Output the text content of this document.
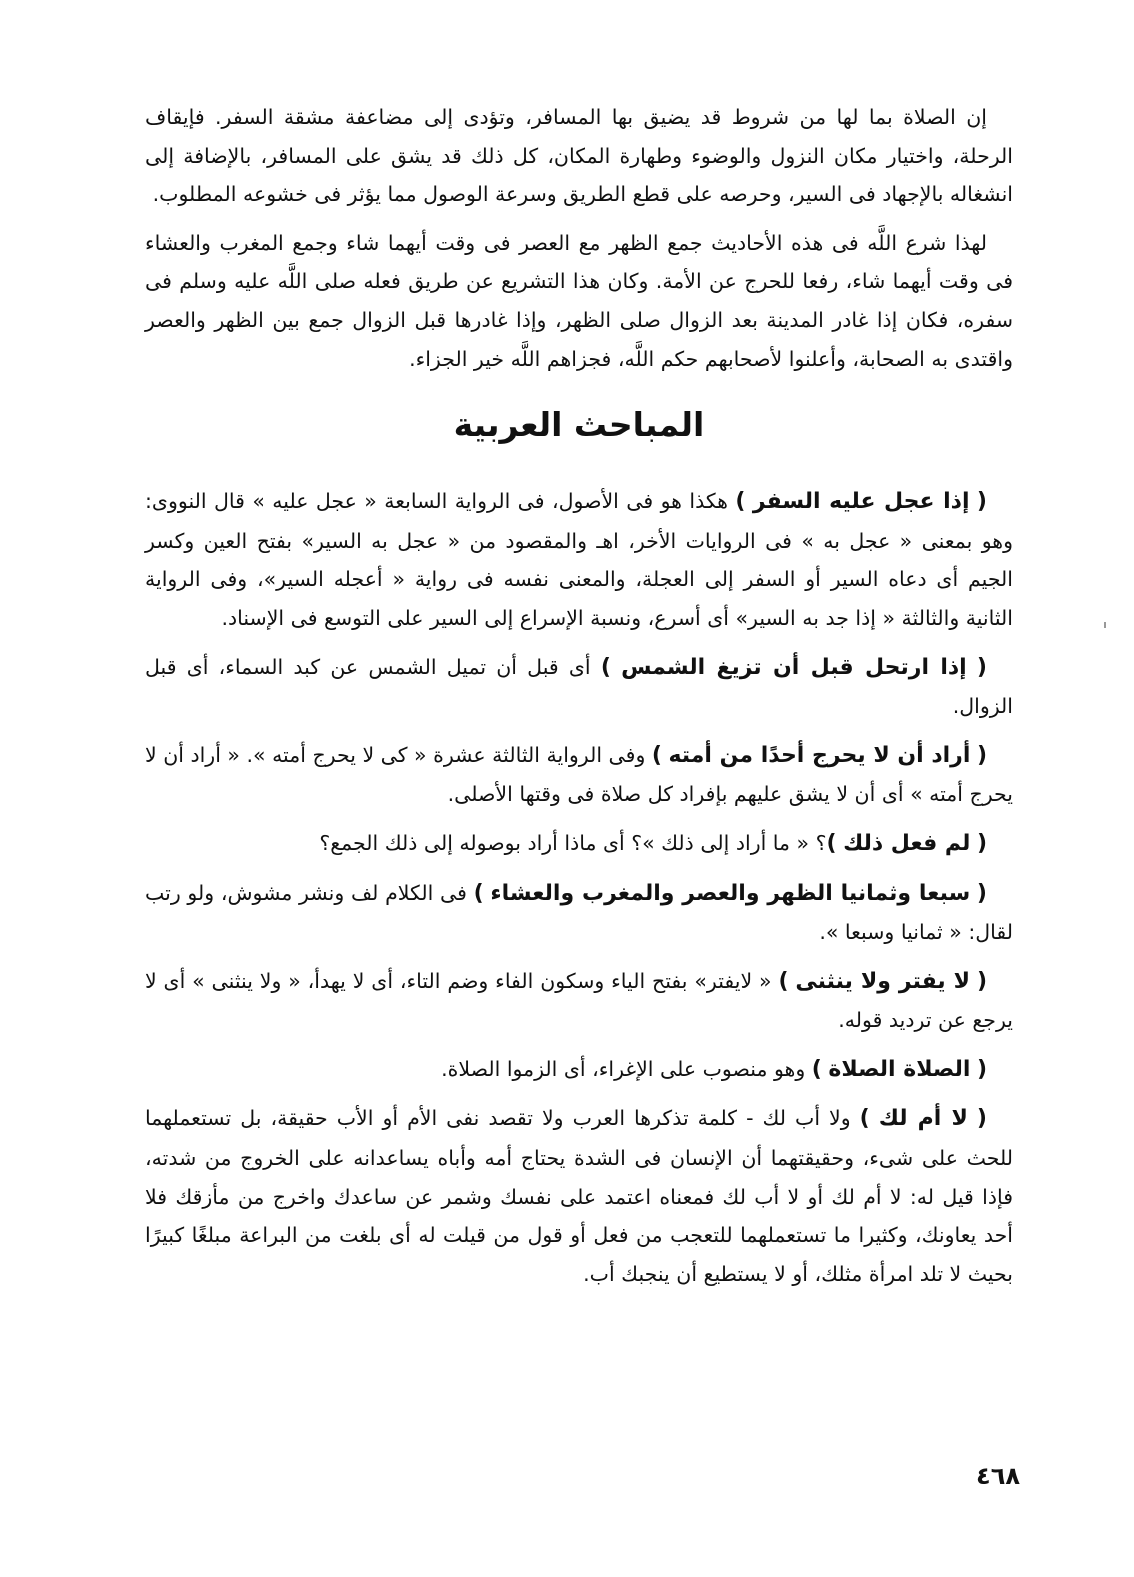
إن الصلاة بما لها من شروط قد يضيق بها المسافر، وتؤدى إلى مضاعفة مشقة السفر. فإيقاف الرحلة، واختيار مكان النزول والوضوء وطهارة المكان، كل ذلك قد يشق على المسافر، بالإضافة إلى انشغاله بالإجهاد فى السير، وحرصه على قطع الطريق وسرعة الوصول مما يؤثر فى خشوعه المطلوب.

لهذا شرع اللَّه فى هذه الأحاديث جمع الظهر مع العصر فى وقت أيهما شاء وجمع المغرب والعشاء فى وقت أيهما شاء، رفعا للحرج عن الأمة. وكان هذا التشريع عن طريق فعله صلى اللَّه عليه وسلم فى سفره، فكان إذا غادر المدينة بعد الزوال صلى الظهر، وإذا غادرها قبل الزوال جمع بين الظهر والعصر واقتدى به الصحابة، وأعلنوا لأصحابهم حكم اللَّه، فجزاهم اللَّه خير الجزاء.

المباحث العربية

( إذا عجل عليه السفر ) هكذا هو فى الأصول، فى الرواية السابعة « عجل عليه » قال النووى: وهو بمعنى « عجل به » فى الروايات الأخر، اهـ والمقصود من « عجل به السير» بفتح العين وكسر الجيم أى دعاه السير أو السفر إلى العجلة، والمعنى نفسه فى رواية « أعجله السير»، وفى الرواية الثانية والثالثة « إذا جد به السير» أى أسرع، ونسبة الإسراع إلى السير على التوسع فى الإسناد.

( إذا ارتحل قبل أن تزيغ الشمس ) أى قبل أن تميل الشمس عن كبد السماء، أى قبل الزوال.

( أراد أن لا يحرج أحدًا من أمته ) وفى الرواية الثالثة عشرة « كى لا يحرج أمته ». « أراد أن لا يحرج أمته » أى أن لا يشق عليهم بإفراد كل صلاة فى وقتها الأصلى.

( لم فعل ذلك )؟ « ما أراد إلى ذلك »؟ أى ماذا أراد بوصوله إلى ذلك الجمع؟

( سبعا وثمانيا الظهر والعصر والمغرب والعشاء ) فى الكلام لف ونشر مشوش، ولو رتب لقال: « ثمانيا وسبعا ».

( لا يفتر ولا ينثنى ) « لايفتر» بفتح الياء وسكون الفاء وضم التاء، أى لا يهدأ، « ولا ينثنى » أى لا يرجع عن ترديد قوله.

( الصلاة الصلاة ) وهو منصوب على الإغراء، أى الزموا الصلاة.

( لا أم لك ) ولا أب لك - كلمة تذكرها العرب ولا تقصد نفى الأم أو الأب حقيقة، بل تستعملهما للحث على شىء، وحقيقتهما أن الإنسان فى الشدة يحتاج أمه وأباه يساعدانه على الخروج من شدته، فإذا قيل له: لا أم لك أو لا أب لك فمعناه اعتمد على نفسك وشمر عن ساعدك واخرج من مأزقك فلا أحد يعاونك، وكثيرا ما تستعملهما للتعجب من فعل أو قول من قيلت له أى بلغت من البراعة مبلغًا كبيرًا بحيث لا تلد امرأة مثلك، أو لا يستطيع أن ينجبك أب.

٤٦٨
